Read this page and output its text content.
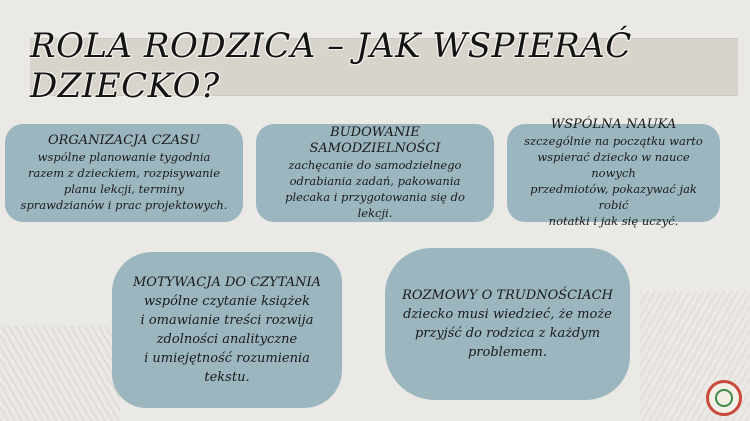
ROLA RODZICA – JAK WSPIERAĆ DZIECKO?
ORGANIZACJA CZASU
wspólne planowanie tygodnia
razem z dzieckiem, rozpisywanie
planu lekcji, terminy
sprawdzianów i prac projektowych.
BUDOWANIE SAMODZIELNOŚCI
zachęcanie do samodzielnego
odrabiania zadań, pakowania
plecaka i przygotowania się do
lekcji.
WSPÓLNA NAUKA
szczególnie na początku warto
wspierać dziecko w nauce nowych
przedmiotów, pokazywać jak robić
notatki i jak się uczyć.
MOTYWACJA DO CZYTANIA
wspólne czytanie książek
i omawianie treści rozwija
zdolności analityczne
i umiejętność rozumienia
tekstu.
ROZMOWY O TRUDNOŚCIACH
dziecko musi wiedzieć, że może
przyjść do rodzica z każdym
problemem.
